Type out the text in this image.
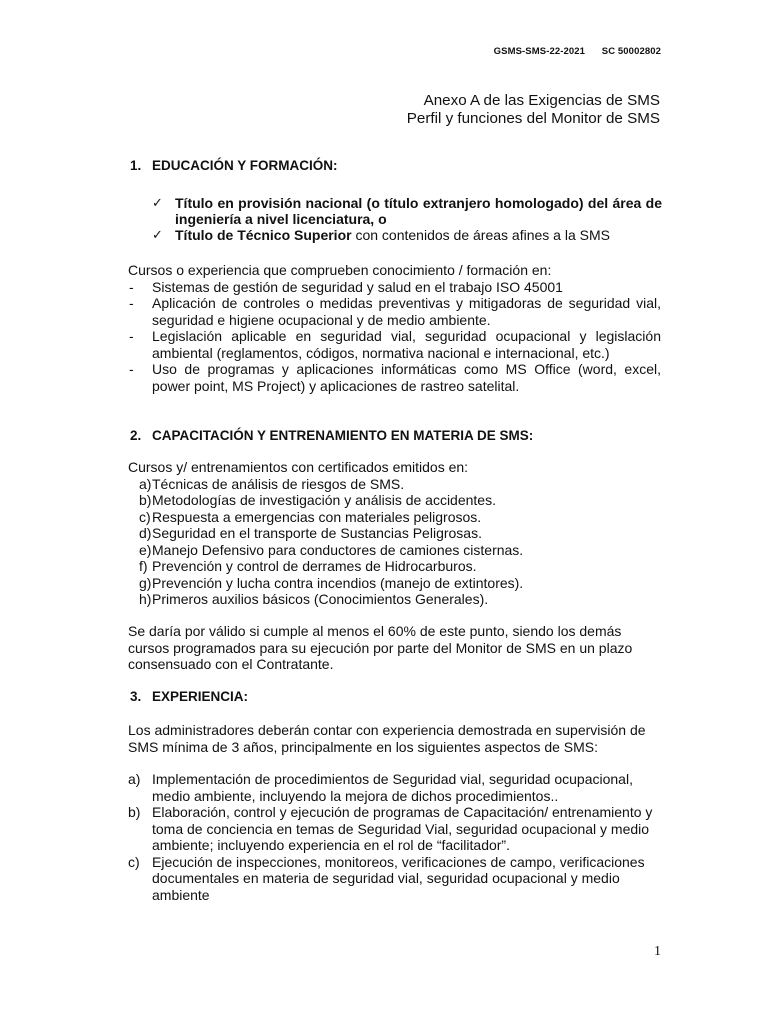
GSMS-SMS-22-2021 SC 50002802
Anexo A de las Exigencias de SMS
Perfil y funciones del Monitor de SMS
1. EDUCACIÓN Y FORMACIÓN:
✓ Título en provisión nacional (o título extranjero homologado) del área de ingeniería a nivel licenciatura, o
✓ Título de Técnico Superior con contenidos de áreas afines a la SMS
Cursos o experiencia que comprueben conocimiento / formación en:
- Sistemas de gestión de seguridad y salud en el trabajo ISO 45001
- Aplicación de controles o medidas preventivas y mitigadoras de seguridad vial, seguridad e higiene ocupacional y de medio ambiente.
- Legislación aplicable en seguridad vial, seguridad ocupacional y legislación ambiental (reglamentos, códigos, normativa nacional e internacional, etc.)
- Uso de programas y aplicaciones informáticas como MS Office (word, excel, power point, MS Project) y aplicaciones de rastreo satelital.
2. CAPACITACIÓN Y ENTRENAMIENTO EN MATERIA DE SMS:
Cursos y/ entrenamientos con certificados emitidos en:
a) Técnicas de análisis de riesgos de SMS.
b) Metodologías de investigación y análisis de accidentes.
c) Respuesta a emergencias con materiales peligrosos.
d) Seguridad en el transporte de Sustancias Peligrosas.
e) Manejo Defensivo para conductores de camiones cisternas.
f) Prevención y control de derrames de Hidrocarburos.
g) Prevención y lucha contra incendios (manejo de extintores).
h) Primeros auxilios básicos (Conocimientos Generales).
Se daría por válido si cumple al menos el 60% de este punto, siendo los demás cursos programados para su ejecución por parte del Monitor de SMS en un plazo consensuado con el Contratante.
3. EXPERIENCIA:
Los administradores deberán contar con experiencia demostrada en supervisión de SMS mínima de 3 años, principalmente en los siguientes aspectos de SMS:
a) Implementación de procedimientos de Seguridad vial, seguridad ocupacional, medio ambiente, incluyendo la mejora de dichos procedimientos..
b) Elaboración, control y ejecución de programas de Capacitación/ entrenamiento y toma de conciencia en temas de Seguridad Vial, seguridad ocupacional y medio ambiente; incluyendo experiencia en el rol de “facilitador”.
c) Ejecución de inspecciones, monitoreos, verificaciones de campo, verificaciones documentales en materia de seguridad vial, seguridad ocupacional y medio ambiente
1
